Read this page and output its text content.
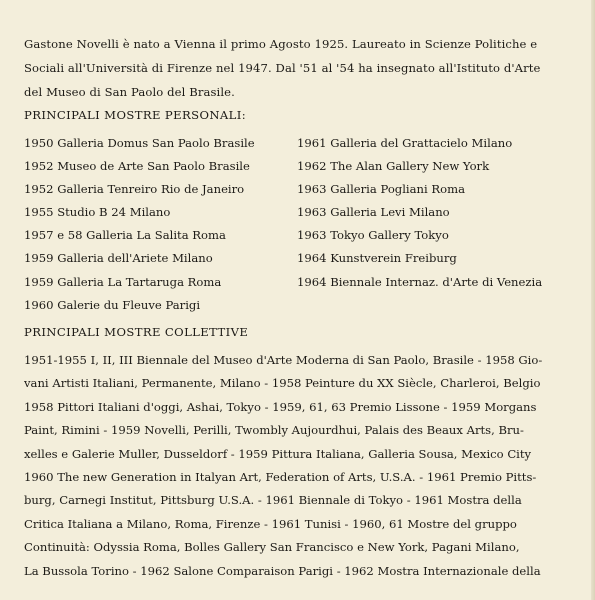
Gastone Novelli è nato a Vienna il primo Agosto 1925. Laureato in Scienze Politiche e
Sociali all'Università di Firenze nel 1947. Dal '51 al '54 ha insegnato all'Istituto d'Arte
del Museo di San Paolo del Brasile.
PRINCIPALI MOSTRE PERSONALI:
1950 Galleria Domus San Paolo Brasile
1952 Museo de Arte San Paolo Brasile
1952 Galleria Tenreiro Rio de Janeiro
1955 Studio B 24 Milano
1957 e 58 Galleria La Salita Roma
1959 Galleria dell'Ariete Milano
1959 Galleria La Tartaruga Roma
1960 Galerie du Fleuve Parigi
1961 Galleria del Grattacielo Milano
1962 The Alan Gallery New York
1963 Galleria Pogliani Roma
1963 Galleria Levi Milano
1963 Tokyo Gallery Tokyo
1964 Kunstverein Freiburg
1964 Biennale Internaz. d'Arte di Venezia
PRINCIPALI MOSTRE COLLETTIVE
1951-1955 I, II, III Biennale del Museo d'Arte Moderna di San Paolo, Brasile - 1958 Gio-
vani Artisti Italiani, Permanente, Milano - 1958 Peinture du XX Siècle, Charleroi, Belgio
1958 Pittori Italiani d'oggi, Ashai, Tokyo - 1959, 61, 63 Premio Lissone - 1959 Morgans
Paint, Rimini - 1959 Novelli, Perilli, Twombly Aujourdhui, Palais des Beaux Arts, Bru-
xelles e Galerie Muller, Dusseldorf - 1959 Pittura Italiana, Galleria Sousa, Mexico City
1960 The new Generation in Italyan Art, Federation of Arts, U.S.A. - 1961 Premio Pitts-
burg, Carnegi Institut, Pittsburg U.S.A. - 1961 Biennale di Tokyo - 1961 Mostra della
Critica Italiana a Milano, Roma, Firenze - 1961 Tunisi - 1960, 61 Mostre del gruppo
Continuità: Odyssia Roma, Bolles Gallery San Francisco e New York, Pagani Milano,
La Bussola Torino - 1962 Salone Comparaison Parigi - 1962 Mostra Internazionale della
